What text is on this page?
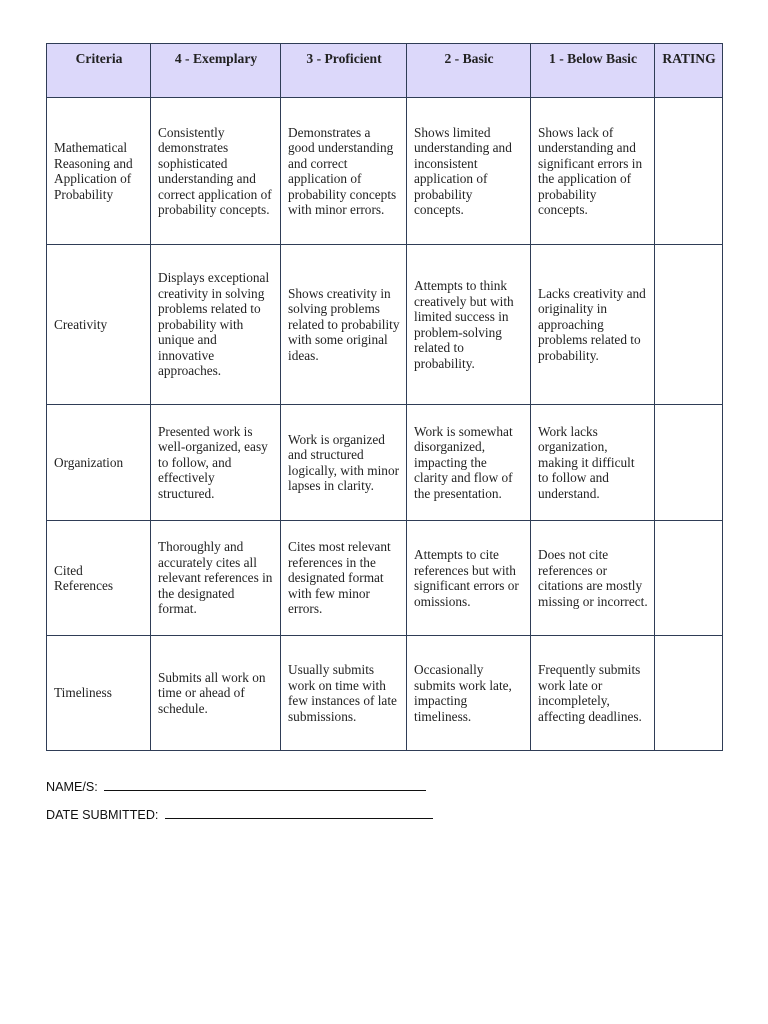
Criteria	4 - Exemplary	3 - Proficient	2 - Basic	1 - Below Basic	RATING
Mathematical Reasoning and Application of Probability	Consistently demonstrates sophisticated understanding and correct application of probability concepts.	Demonstrates a good understanding and correct application of probability concepts with minor errors.	Shows limited understanding and inconsistent application of probability concepts.	Shows lack of understanding and significant errors in the application of probability concepts.	
Creativity	Displays exceptional creativity in solving problems related to probability with unique and innovative approaches.	Shows creativity in solving problems related to probability with some original ideas.	Attempts to think creatively but with limited success in problem-solving related to probability.	Lacks creativity and originality in approaching problems related to probability.	
Organization	Presented work is well-organized, easy to follow, and effectively structured.	Work is organized and structured logically, with minor lapses in clarity.	Work is somewhat disorganized, impacting the clarity and flow of the presentation.	Work lacks organization, making it difficult to follow and understand.	
Cited References	Thoroughly and accurately cites all relevant references in the designated format.	Cites most relevant references in the designated format with few minor errors.	Attempts to cite references but with significant errors or omissions.	Does not cite references or citations are mostly missing or incorrect.	
Timeliness	Submits all work on time or ahead of schedule.	Usually submits work on time with few instances of late submissions.	Occasionally submits work late, impacting timeliness.	Frequently submits work late or incompletely, affecting deadlines.	
NAME/S:
DATE SUBMITTED:
